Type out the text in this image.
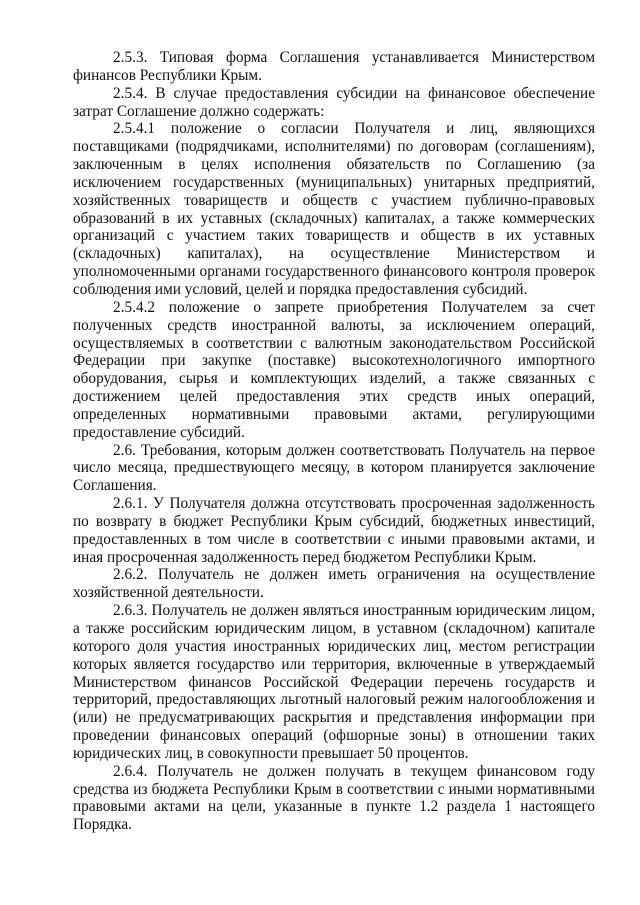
2.5.3. Типовая форма Соглашения устанавливается Министерством финансов Республики Крым.

2.5.4. В случае предоставления субсидии на финансовое обеспечение затрат Соглашение должно содержать:

2.5.4.1 положение о согласии Получателя и лиц, являющихся поставщиками (подрядчиками, исполнителями) по договорам (соглашениям), заключенным в целях исполнения обязательств по Соглашению (за исключением государственных (муниципальных) унитарных предприятий, хозяйственных товариществ и обществ с участием публично-правовых образований в их уставных (складочных) капиталах, а также коммерческих организаций с участием таких товариществ и обществ в их уставных (складочных) капиталах), на осуществление Министерством и уполномоченными органами государственного финансового контроля проверок соблюдения ими условий, целей и порядка предоставления субсидий.

2.5.4.2 положение о запрете приобретения Получателем за счет полученных средств иностранной валюты, за исключением операций, осуществляемых в соответствии с валютным законодательством Российской Федерации при закупке (поставке) высокотехнологичного импортного оборудования, сырья и комплектующих изделий, а также связанных с достижением целей предоставления этих средств иных операций, определенных нормативными правовыми актами, регулирующими предоставление субсидий.

2.6. Требования, которым должен соответствовать Получатель на первое число месяца, предшествующего месяцу, в котором планируется заключение Соглашения.

2.6.1. У Получателя должна отсутствовать просроченная задолженность по возврату в бюджет Республики Крым субсидий, бюджетных инвестиций, предоставленных в том числе в соответствии с иными правовыми актами, и иная просроченная задолженность перед бюджетом Республики Крым.

2.6.2. Получатель не должен иметь ограничения на осуществление хозяйственной деятельности.

2.6.3. Получатель не должен являться иностранным юридическим лицом, а также российским юридическим лицом, в уставном (складочном) капитале которого доля участия иностранных юридических лиц, местом регистрации которых является государство или территория, включенные в утверждаемый Министерством финансов Российской Федерации перечень государств и территорий, предоставляющих льготный налоговый режим налогообложения и (или) не предусматривающих раскрытия и представления информации при проведении финансовых операций (офшорные зоны) в отношении таких юридических лиц, в совокупности превышает 50 процентов.

2.6.4. Получатель не должен получать в текущем финансовом году средства из бюджета Республики Крым в соответствии с иными нормативными правовыми актами на цели, указанные в пункте 1.2 раздела 1 настоящего Порядка.
